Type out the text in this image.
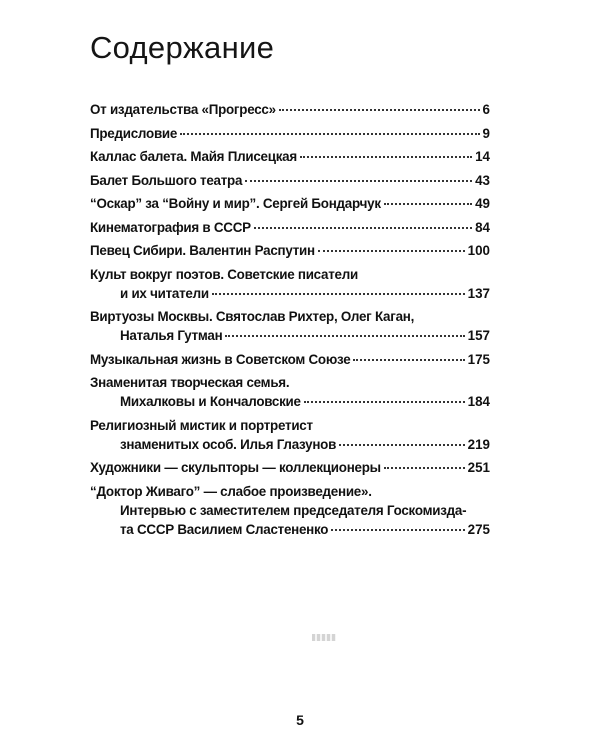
Содержание
От издательства «Прогресс»	6
Предисловие	9
Каллас балета. Майя Плисецкая	14
Балет Большого театра	43
“Оскар” за “Войну и мир”. Сергей Бондарчук	49
Кинематография в СССР	84
Певец Сибири. Валентин Распутин	100
Культ вокруг поэтов. Советские писатели
и их читатели	137
Виртуозы Москвы. Святослав Рихтер, Олег Каган,
Наталья Гутман	157
Музыкальная жизнь в Советском Союзе	175
Знаменитая творческая семья.
Михалковы и Кончаловские	184
Религиозный мистик и портретист
знаменитых особ. Илья Глазунов	219
Художники — скульпторы — коллекционеры	251
“Доктор Живаго” — слабое произведение».
Интервью с заместителем председателя Госкомизда-
та СССР Василием Сластененко	275
5
